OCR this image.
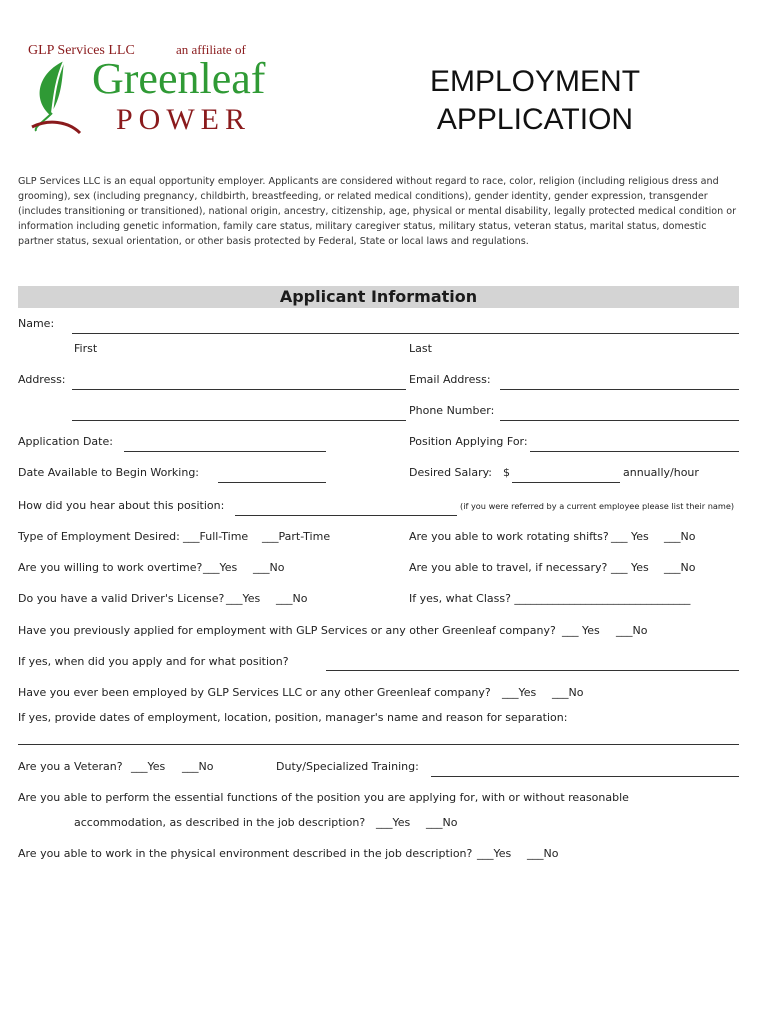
GLP Services LLC	an affiliate of
Greenleaf
POWER
EMPLOYMENT
APPLICATION
GLP Services LLC is an equal opportunity employer. Applicants are considered without regard to race, color, religion (including religious dress and grooming), sex (including pregnancy, childbirth, breastfeeding, or related medical conditions), gender identity, gender expression, transgender (includes transitioning or transitioned), national origin, ancestry, citizenship, age, physical or mental disability, legally protected medical condition or information including genetic information, family care status, military caregiver status, military status, veteran status, marital status, domestic partner status, sexual orientation, or other basis protected by Federal, State or local laws and regulations.
Applicant Information
Name:
First	Last
Address:	Email Address:
Phone Number:
Application Date:	Position Applying For:
Date Available to Begin Working:	Desired Salary: $	annually/hour
How did you hear about this position:	(if you were referred by a current employee please list their name)
Type of Employment Desired: ___Full-Time ___Part-Time	Are you able to work rotating shifts? ___ Yes ___No
Are you willing to work overtime? ___Yes ___No	Are you able to travel, if necessary? ___ Yes ___No
Do you have a valid Driver's License? ___Yes ___No	If yes, what Class? ________________________________
Have you previously applied for employment with GLP Services or any other Greenleaf company? ___ Yes ___No
If yes, when did you apply and for what position?
Have you ever been employed by GLP Services LLC or any other Greenleaf company? ___Yes ___No
If yes, provide dates of employment, location, position, manager's name and reason for separation:
Are you a Veteran? ___Yes ___No	Duty/Specialized Training:
Are you able to perform the essential functions of the position you are applying for, with or without reasonable
accommodation, as described in the job description? ___Yes ___No
Are you able to work in the physical environment described in the job description? ___Yes ___No
